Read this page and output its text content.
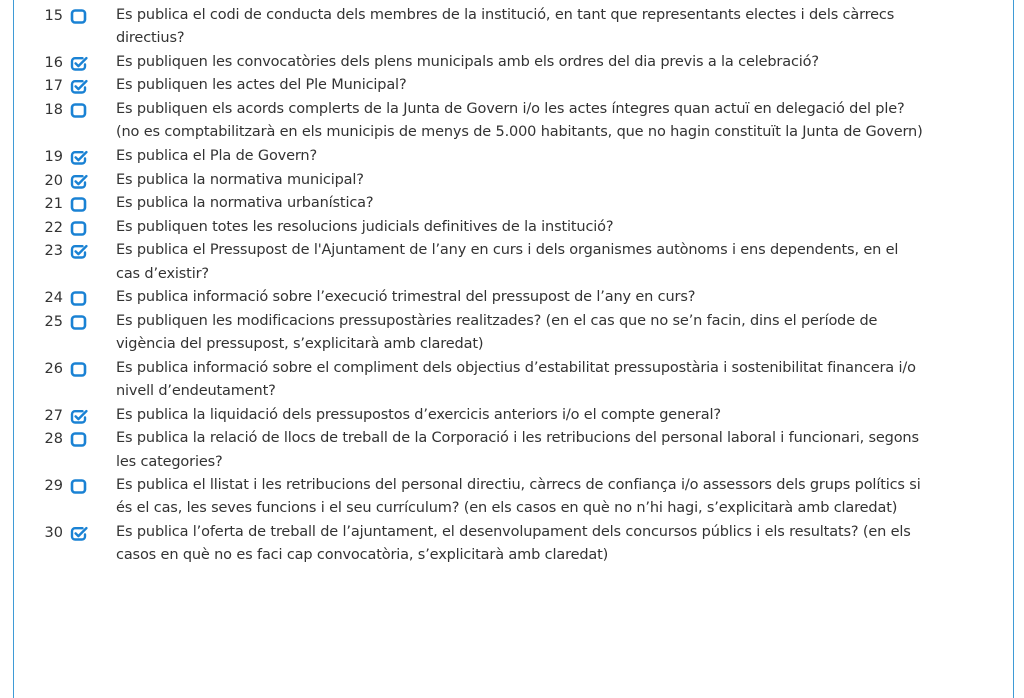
15	Es publica el codi de conducta dels membres de la institució, en tant que representants electes i dels càrrecs directius?
16	Es publiquen les convocatòries dels plens municipals amb els ordres del dia previs a la celebració?
17	Es publiquen les actes del Ple Municipal?
18	Es publiquen els acords complerts de la Junta de Govern i/o les actes íntegres quan actuï en delegació del ple? (no es comptabilitzarà en els municipis de menys de 5.000 habitants, que no hagin constituït la Junta de Govern)
19	Es publica el Pla de Govern?
20	Es publica la normativa municipal?
21	Es publica la normativa urbanística?
22	Es publiquen totes les resolucions judicials definitives de la institució?
23	Es publica el Pressupost de l'Ajuntament de l’any en curs i dels organismes autònoms i ens dependents, en el cas d’existir?
24	Es publica informació sobre l’execució trimestral del pressupost de l’any en curs?
25	Es publiquen les modificacions pressupostàries realitzades? (en el cas que no se’n facin, dins el període de vigència del pressupost, s’explicitarà amb claredat)
26	Es publica informació sobre el compliment dels objectius d’estabilitat pressupostària i sostenibilitat financera i/o nivell d’endeutament?
27	Es publica la liquidació dels pressupostos d’exercicis anteriors i/o el compte general?
28	Es publica la relació de llocs de treball de la Corporació i les retribucions del personal laboral i funcionari, segons les categories?
29	Es publica el llistat i les retribucions del personal directiu, càrrecs de confiança i/o assessors dels grups polítics si és el cas, les seves funcions i el seu currículum? (en els casos en què no n’hi hagi, s’explicitarà amb claredat)
30	Es publica l’oferta de treball de l’ajuntament, el desenvolupament dels concursos públics i els resultats? (en els casos en què no es faci cap convocatòria, s’explicitarà amb claredat)
